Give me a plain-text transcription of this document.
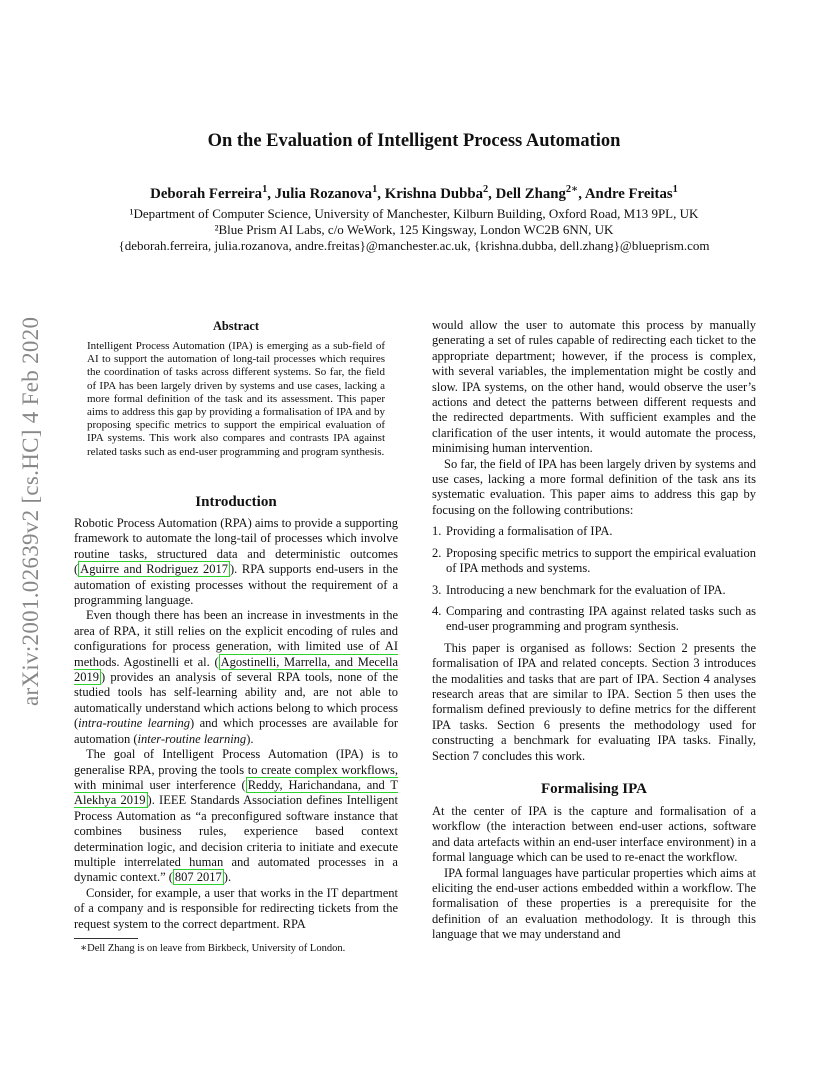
arXiv:2001.02639v2 [cs.HC] 4 Feb 2020
On the Evaluation of Intelligent Process Automation
Deborah Ferreira$^1$, Julia Rozanova$^1$, Krishna Dubba$^2$, Dell Zhang$^{2∗}$, Andre Freitas$^1$
¹Department of Computer Science, University of Manchester, Kilburn Building, Oxford Road, M13 9PL, UK
²Blue Prism AI Labs, c/o WeWork, 125 Kingsway, London WC2B 6NN, UK
{deborah.ferreira, julia.rozanova, andre.freitas}@manchester.ac.uk, {krishna.dubba, dell.zhang}@blueprism.com
Abstract
Intelligent Process Automation (IPA) is emerging as a sub-field of AI to support the automation of long-tail processes which requires the coordination of tasks across different systems. So far, the field of IPA has been largely driven by systems and use cases, lacking a more formal definition of the task and its assessment. This paper aims to address this gap by providing a formalisation of IPA and by proposing specific metrics to support the empirical evaluation of IPA systems. This work also compares and contrasts IPA against related tasks such as end-user programming and program synthesis.
Introduction

Robotic Process Automation (RPA) aims to provide a supporting framework to automate the long-tail of processes which involve routine tasks, structured data and deterministic outcomes ( Aguirre and Rodriguez 2017 ). RPA supports end-users in the automation of existing processes without the requirement of a programming language.

Even though there has been an increase in investments in the area of RPA, it still relies on the explicit encoding of rules and configurations for process generation, with limited use of AI methods. Agostinelli et al. ( Agostinelli, Marrella, and Mecella 2019 ) provides an analysis of several RPA tools, none of the studied tools has self-learning ability and, are not able to automatically understand which actions belong to which process (intra-routine learning) and which processes are available for automation (inter-routine learning).

The goal of Intelligent Process Automation (IPA) is to generalise RPA, proving the tools to create complex workflows, with minimal user interference ( Reddy, Harichandana, and T Alekhya 2019 ). IEEE Standards Association defines Intelligent Process Automation as “a preconfigured software instance that combines business rules, experience based context determination logic, and decision criteria to initiate and execute multiple interrelated human and automated processes in a dynamic context.” ( 807 2017 ).

Consider, for example, a user that works in the IT department of a company and is responsible for redirecting tickets from the request system to the correct department. RPA

∗Dell Zhang is on leave from Birkbeck, University of London.

would allow the user to automate this process by manually generating a set of rules capable of redirecting each ticket to the appropriate department; however, if the process is complex, with several variables, the implementation might be costly and slow. IPA systems, on the other hand, would observe the user’s actions and detect the patterns between different requests and the redirected departments. With sufficient examples and the clarification of the user intents, it would automate the process, minimising human intervention.

So far, the field of IPA has been largely driven by systems and use cases, lacking a more formal definition of the task ans its systematic evaluation. This paper aims to address this gap by focusing on the following contributions:

1. Providing a formalisation of IPA.
2. Proposing specific metrics to support the empirical evaluation of IPA methods and systems.
3. Introducing a new benchmark for the evaluation of IPA.
4. Comparing and contrasting IPA against related tasks such as end-user programming and program synthesis.

This paper is organised as follows: Section 2 presents the formalisation of IPA and related concepts. Section 3 introduces the modalities and tasks that are part of IPA. Section 4 analyses research areas that are similar to IPA. Section 5 then uses the formalism defined previously to define metrics for the different IPA tasks. Section 6 presents the methodology used for constructing a benchmark for evaluating IPA tasks. Finally, Section 7 concludes this work.

Formalising IPA

At the center of IPA is the capture and formalisation of a workflow (the interaction between end-user actions, software and data artefacts within an end-user interface environment) in a formal language which can be used to re-enact the workflow.

IPA formal languages have particular properties which aims at eliciting the end-user actions embedded within a workflow. The formalisation of these properties is a prerequisite for the definition of an evaluation methodology. It is through this language that we may understand and
